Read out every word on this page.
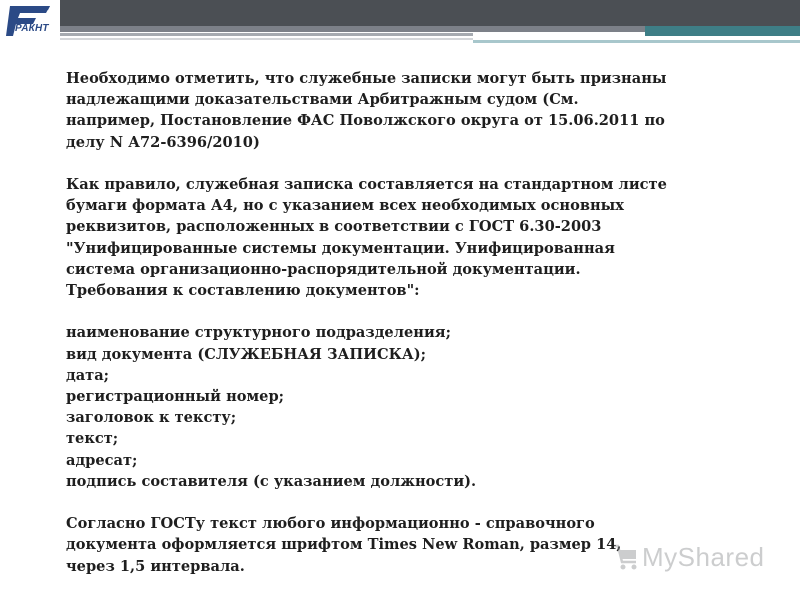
РАКНТ

Необходимо отметить, что служебные записки могут быть признаны
надлежащими доказательствами Арбитражным судом (См.
например, Постановление ФАС Поволжского округа от 15.06.2011 по
делу N А72-6396/2010)

Как правило, служебная записка составляется на стандартном листе
бумаги формата А4, но с указанием всех необходимых основных
реквизитов, расположенных в соответствии с ГОСТ 6.30-2003
"Унифицированные системы документации. Унифицированная
система организационно-распорядительной документации.
Требования к составлению документов":

наименование структурного подразделения;
вид документа (СЛУЖЕБНАЯ ЗАПИСКА);
дата;
регистрационный номер;
заголовок к тексту;
текст;
адресат;
подпись составителя (с указанием должности).

Согласно ГОСТу текст любого информационно - справочного
документа оформляется шрифтом Times New Roman, размер 14,
через 1,5 интервала.	MyShared
